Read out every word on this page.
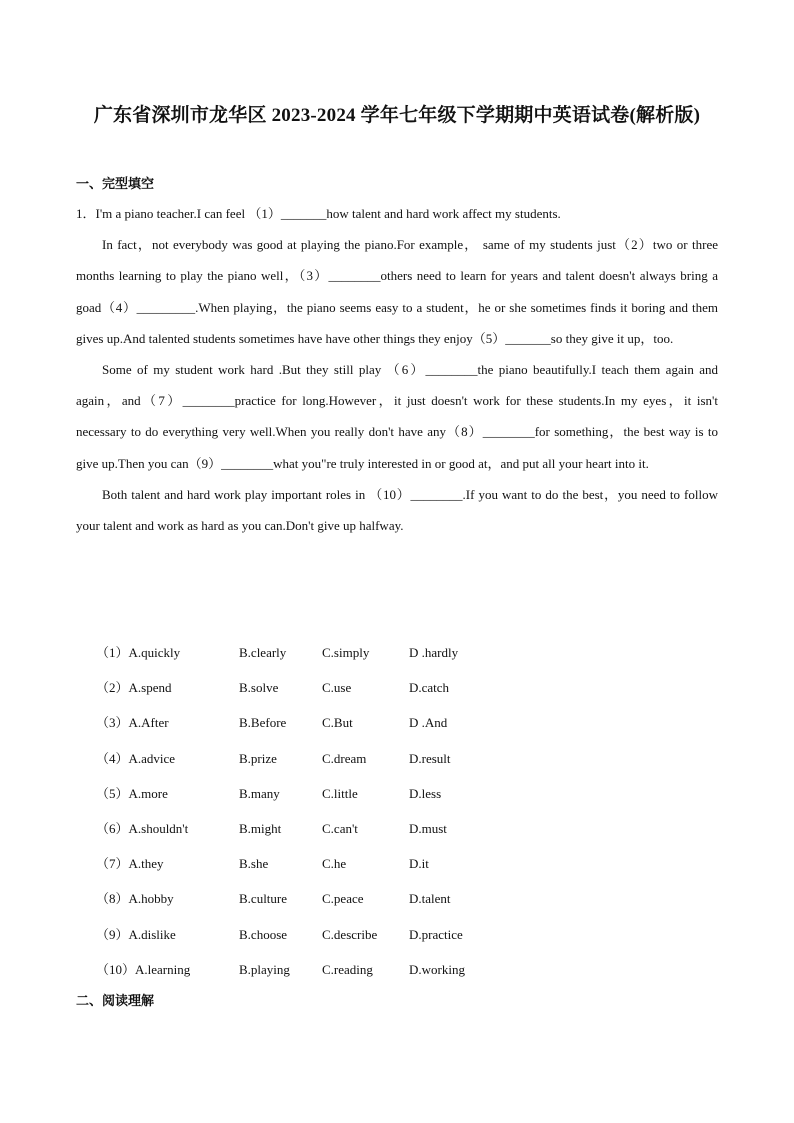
广东省深圳市龙华区 2023-2024 学年七年级下学期期中英语试卷(解析版)
一、完型填空

1．I'm a piano teacher.I can feel （1）_______how talent and hard work affect my students.

In fact，not everybody was good at playing the piano.For example， same of my students just（2）two or three months learning to play the piano well，（3）________others need to learn for years and talent doesn't always bring a goad（4）_________.When playing，the piano seems easy to a student，he or she sometimes finds it boring and them gives up.And talented students sometimes have have other things they enjoy（5）_______so they give it up，too.

Some of my student work hard .But they still play （6）________the piano beautifully.I teach them again and again，and（7）________practice for long.However，it just doesn't work for these students.In my eyes，it isn't necessary to do everything very well.When you really don't have any（8）________for something，the best way is to give up.Then you can（9）________what you"re truly interested in or good at，and put all your heart into it.

Both talent and hard work play important roles in （10）________.If you want to do the best，you need to follow your talent and work as hard as you can.Don't give up halfway.

（1）A.quickly	B.clearly	C.simply	D .hardly
（2）A.spend	B.solve	C.use	D.catch
（3）A.After	B.Before	C.But	D .And
（4）A.advice	B.prize	C.dream	D.result
（5）A.more	B.many	C.little	D.less
（6）A.shouldn't	B.might	C.can't	D.must
（7）A.they	B.she	C.he	D.it
（8）A.hobby	B.culture	C.peace	D.talent
（9）A.dislike	B.choose	C.describe D.practice
（10）A.learning	B.playing C.reading	D.working
二、阅读理解
